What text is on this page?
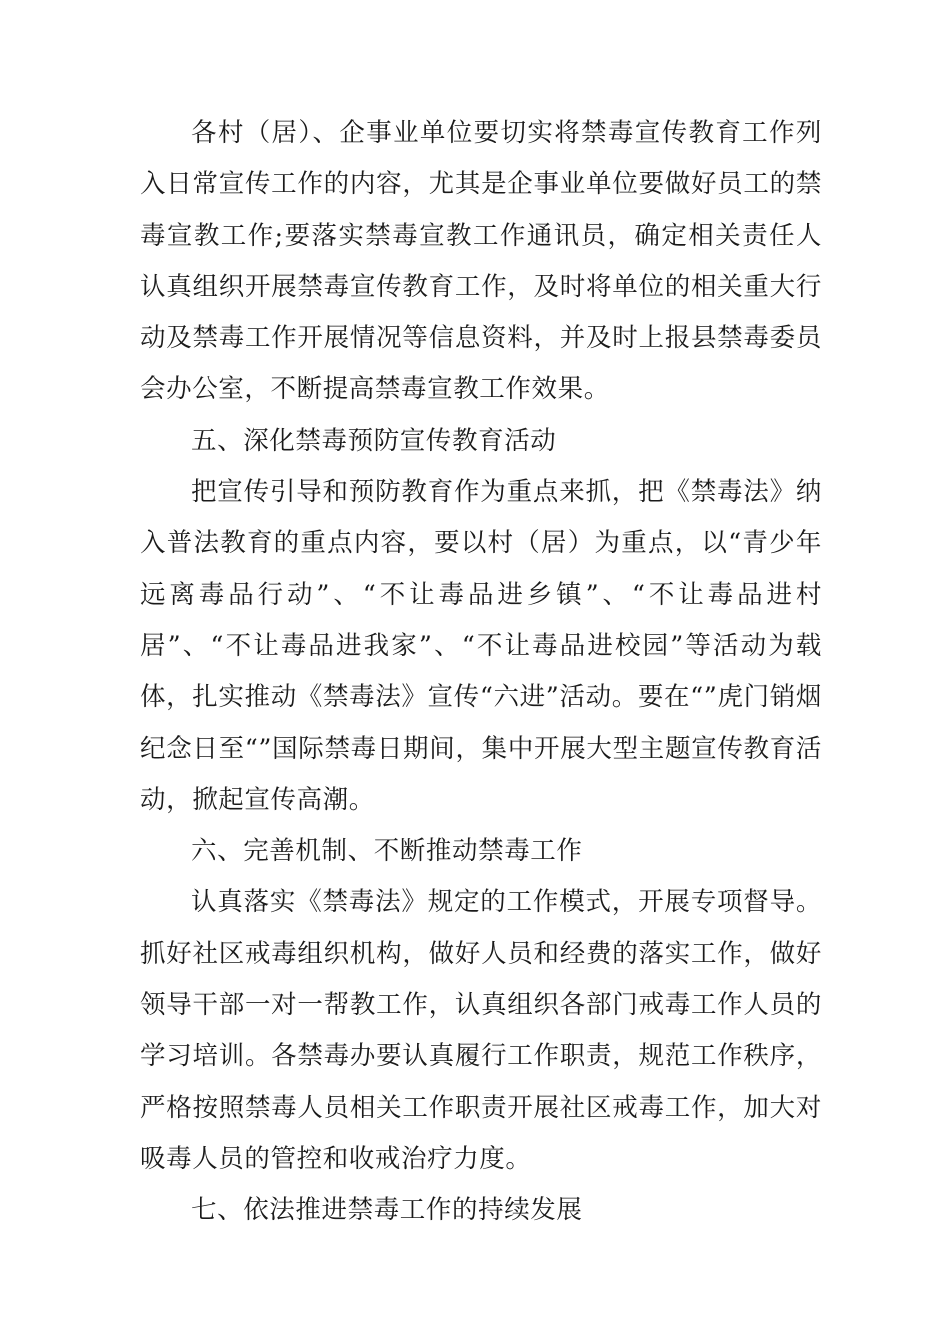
各村（居）、企事业单位要切实将禁毒宣传教育工作列入日常宣传工作的内容，尤其是企事业单位要做好员工的禁毒宣教工作;要落实禁毒宣教工作通讯员，确定相关责任人认真组织开展禁毒宣传教育工作，及时将单位的相关重大行动及禁毒工作开展情况等信息资料，并及时上报县禁毒委员会办公室，不断提高禁毒宣教工作效果。

五、深化禁毒预防宣传教育活动

把宣传引导和预防教育作为重点来抓，把《禁毒法》纳入普法教育的重点内容，要以村（居）为重点，以“青少年远离毒品行动”、“不让毒品进乡镇”、“不让毒品进村居”、“不让毒品进我家”、“不让毒品进校园”等活动为载体，扎实推动《禁毒法》宣传“六进”活动。要在“”虎门销烟纪念日至“”国际禁毒日期间，集中开展大型主题宣传教育活动，掀起宣传高潮。

六、完善机制、不断推动禁毒工作

认真落实《禁毒法》规定的工作模式，开展专项督导。抓好社区戒毒组织机构，做好人员和经费的落实工作，做好领导干部一对一帮教工作，认真组织各部门戒毒工作人员的学习培训。各禁毒办要认真履行工作职责，规范工作秩序，严格按照禁毒人员相关工作职责开展社区戒毒工作，加大对吸毒人员的管控和收戒治疗力度。

七、依法推进禁毒工作的持续发展
